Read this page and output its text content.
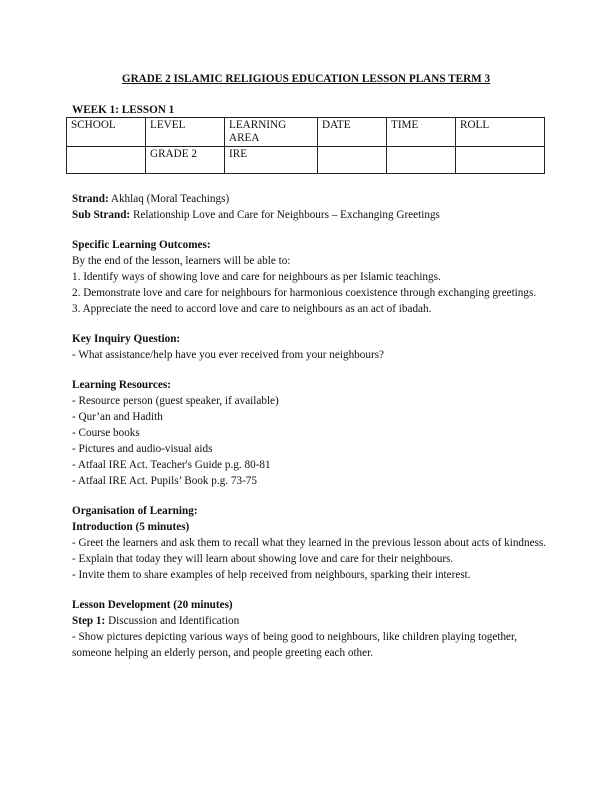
GRADE 2 ISLAMIC RELIGIOUS EDUCATION LESSON PLANS TERM 3
WEEK 1: LESSON 1
SCHOOL	LEVEL	LEARNING AREA	DATE	TIME	ROLL
	GRADE 2	IRE			

Strand: Akhlaq (Moral Teachings)

Sub Strand: Relationship Love and Care for Neighbours – Exchanging Greetings

Specific Learning Outcomes:

By the end of the lesson, learners will be able to:

1. Identify ways of showing love and care for neighbours as per Islamic teachings.

2. Demonstrate love and care for neighbours for harmonious coexistence through exchanging greetings.

3. Appreciate the need to accord love and care to neighbours as an act of ibadah.

Key Inquiry Question:

- What assistance/help have you ever received from your neighbours?

Learning Resources:

- Resource person (guest speaker, if available)

- Qur’an and Hadith

- Course books

- Pictures and audio-visual aids

- Atfaal IRE Act. Teacher's Guide p.g. 80-81

- Atfaal IRE Act. Pupils’ Book p.g. 73-75

Organisation of Learning:

Introduction (5 minutes)

- Greet the learners and ask them to recall what they learned in the previous lesson about acts of kindness.

- Explain that today they will learn about showing love and care for their neighbours.

- Invite them to share examples of help received from neighbours, sparking their interest.

Lesson Development (20 minutes)

Step 1: Discussion and Identification

- Show pictures depicting various ways of being good to neighbours, like children playing together, someone helping an elderly person, and people greeting each other.
